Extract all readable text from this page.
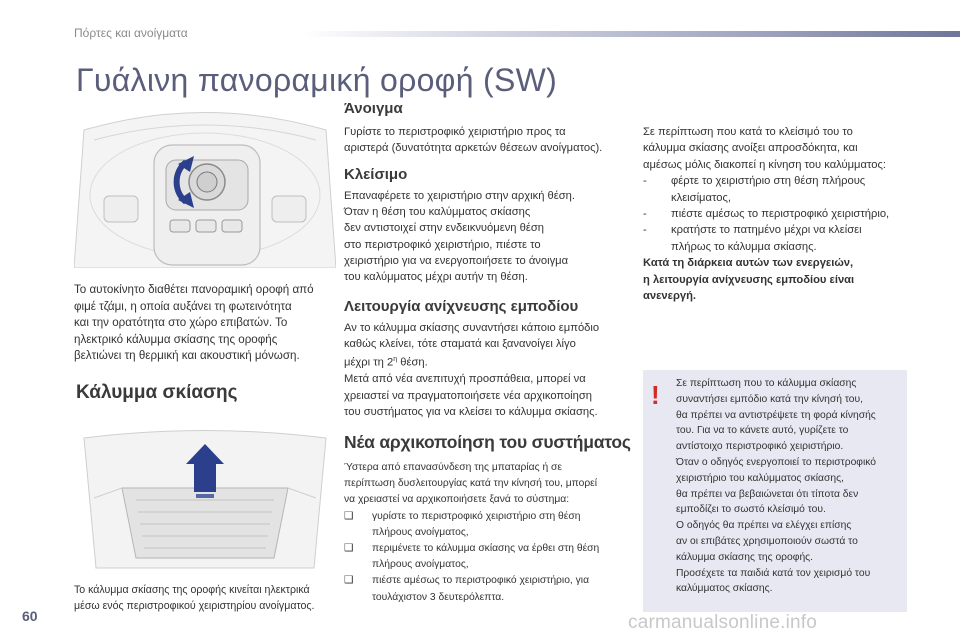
Πόρτες και ανοίγματα
Γυάλινη πανοραμική οροφή (SW)

Το αυτοκίνητο διαθέτει πανοραμική οροφή από

φιμέ τζάμι, η οποία αυξάνει τη φωτεινότητα

και την ορατότητα στο χώρο επιβατών. Το

ηλεκτρικό κάλυμμα σκίασης της οροφής

βελτιώνει τη θερμική και ακουστική μόνωση.

Κάλυμμα σκίασης

Το κάλυμμα σκίασης της οροφής κινείται ηλεκτρικά

μέσω ενός περιστροφικού χειριστηρίου ανοίγματος.

Άνοιγμα

Γυρίστε το περιστροφικό χειριστήριο προς τα

αριστερά (δυνατότητα αρκετών θέσεων ανοίγματος).

Κλείσιμο

Επαναφέρετε το χειριστήριο στην αρχική θέση.

Όταν η θέση του καλύμματος σκίασης

δεν αντιστοιχεί στην ενδεικνυόμενη θέση

στο περιστροφικό χειριστήριο, πιέστε το

χειριστήριο για να ενεργοποιήσετε το άνοιγμα

του καλύμματος μέχρι αυτήν τη θέση.

Λειτουργία ανίχνευσης εμποδίου

Αν το κάλυμμα σκίασης συναντήσει κάποιο εμπόδιο

καθώς κλείνει, τότε σταματά και ξανανοίγει λίγο

μέχρι τη $2^\eta$ θέση.

Μετά από νέα ανεπιτυχή προσπάθεια, μπορεί να

χρειαστεί να πραγματοποιήσετε νέα αρχικοποίηση

του συστήματος για να κλείσει το κάλυμμα σκίασης.

Νέα αρχικοποίηση του συστήματος

Ύστερα από επανασύνδεση της μπαταρίας ή σε

περίπτωση δυσλειτουργίας κατά την κίνησή του, μπορεί

να χρειαστεί να αρχικοποιήσετε ξανά το σύστημα:

❑ γυρίστε το περιστροφικό χειριστήριο στη θέση

πλήρους ανοίγματος,

❑ περιμένετε το κάλυμμα σκίασης να έρθει στη θέση

πλήρους ανοίγματος,

❑ πιέστε αμέσως το περιστροφικό χειριστήριο, για

τουλάχιστον 3 δευτερόλεπτα.

Σε περίπτωση που κατά το κλείσιμό του το

κάλυμμα σκίασης ανοίξει απροσδόκητα, και

αμέσως μόλις διακοπεί η κίνηση του καλύμματος:

- φέρτε το χειριστήριο στη θέση πλήρους

κλεισίματος,

- πιέστε αμέσως το περιστροφικό χειριστήριο,

- κρατήστε το πατημένο μέχρι να κλείσει

πλήρως το κάλυμμα σκίασης.

Κατά τη διάρκεια αυτών των ενεργειών,

η λειτουργία ανίχνευσης εμποδίου είναι

ανενεργή.

! Σε περίπτωση που το κάλυμμα σκίασης

συναντήσει εμπόδιο κατά την κίνησή του,

θα πρέπει να αντιστρέψετε τη φορά κίνησής

του. Για να το κάνετε αυτό, γυρίζετε το

αντίστοιχο περιστροφικό χειριστήριο.

Όταν ο οδηγός ενεργοποιεί το περιστροφικό

χειριστήριο του καλύμματος σκίασης,

θα πρέπει να βεβαιώνεται ότι τίποτα δεν

εμποδίζει το σωστό κλείσιμό του.

Ο οδηγός θα πρέπει να ελέγχει επίσης

αν οι επιβάτες χρησιμοποιούν σωστά το

κάλυμμα σκίασης της οροφής.

Προσέχετε τα παιδιά κατά τον χειρισμό του

καλύμματος σκίασης.

60	carmanualsonline.info
